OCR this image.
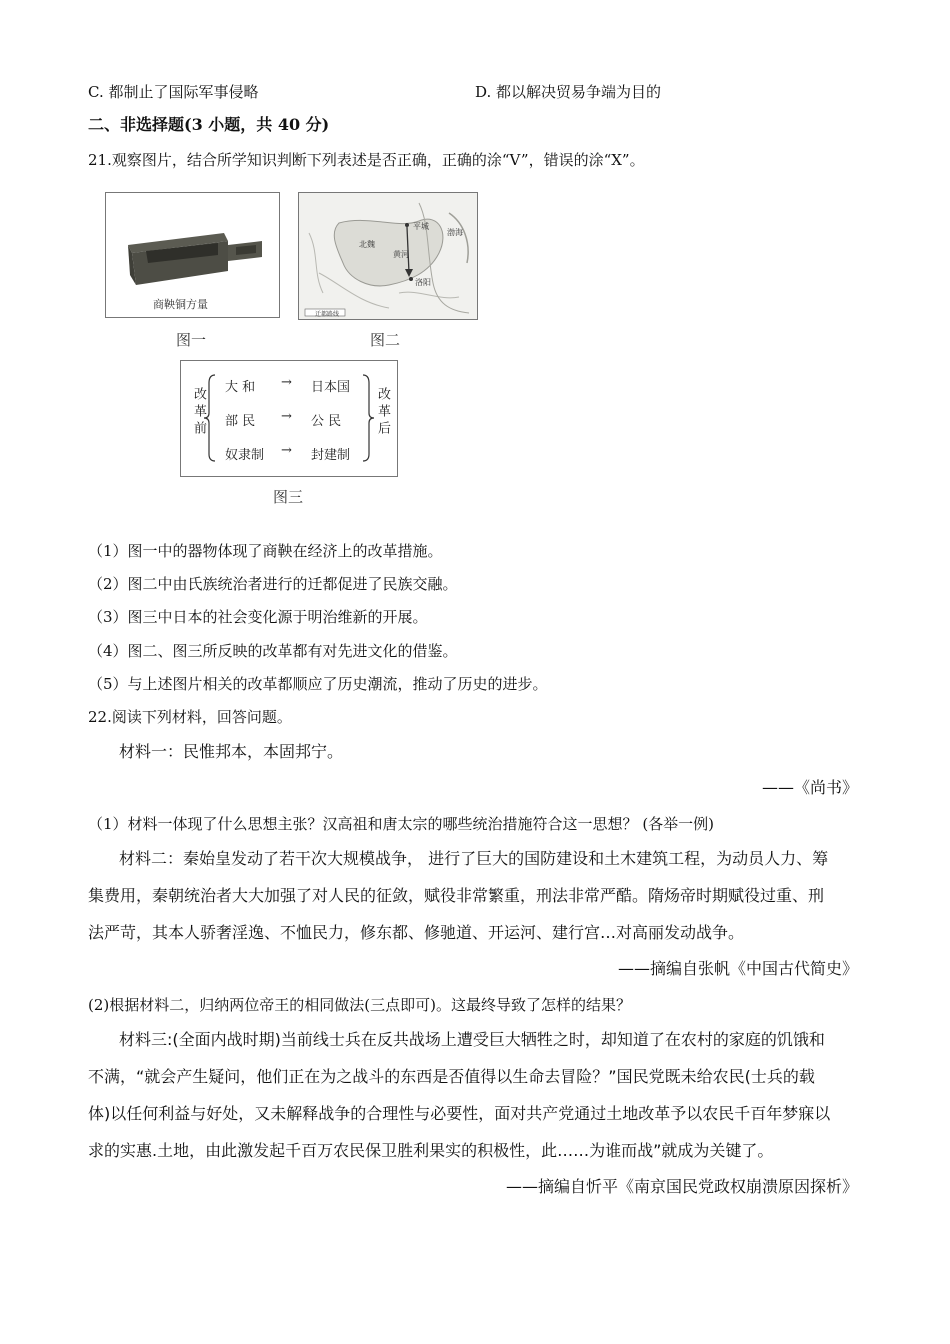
C. 都制止了国际军事侵略	D. 都以解决贸易争端为目的
二、非选择题(3 小题，共 40 分)
21.观察图片，结合所学知识判断下列表述是否正确，正确的涂“V”，错误的涂“X”。
商鞅铜方量
图一
平城
洛阳
黄河
渤海
北魏
迁都路线
图二
改革前	改革后
大 和 → 日本国
部 民 → 公 民
奴隶制 → 封建制
图三
（1）图一中的器物体现了商鞅在经济上的改革措施。
（2）图二中由氏族统治者进行的迁都促进了民族交融。
（3）图三中日本的社会变化源于明治维新的开展。
（4）图二、图三所反映的改革都有对先进文化的借鉴。
（5）与上述图片相关的改革都顺应了历史潮流，推动了历史的进步。
22.阅读下列材料，回答问题。
材料一：民惟邦本，本固邦宁。
——《尚书》
（1）材料一体现了什么思想主张？汉高祖和唐太宗的哪些统治措施符合这一思想？ (各举一例)
材料二：秦始皇发动了若干次大规模战争， 进行了巨大的国防建设和土木建筑工程，为动员人力、筹
集费用，秦朝统治者大大加强了对人民的征敛，赋役非常繁重，刑法非常严酷。隋炀帝时期赋役过重、刑
法严苛，其本人骄奢淫逸、不恤民力，修东都、修驰道、开运河、建行宫…对高丽发动战争。
——摘编自张帆《中国古代简史》
(2)根据材料二，归纳两位帝王的相同做法(三点即可)。这最终导致了怎样的结果？
材料三:(全面内战时期)当前线士兵在反共战场上遭受巨大牺牲之时，却知道了在农村的家庭的饥饿和
不满，“就会产生疑问，他们正在为之战斗的东西是否值得以生命去冒险？”国民党既未给农民(士兵的载
体)以任何利益与好处，又未解释战争的合理性与必要性，面对共产党通过土地改革予以农民千百年梦寐以
求的实惠.土地，由此激发起千百万农民保卫胜利果实的积极性，此……为谁而战”就成为关键了。
——摘编自忻平《南京国民党政权崩溃原因探析》
